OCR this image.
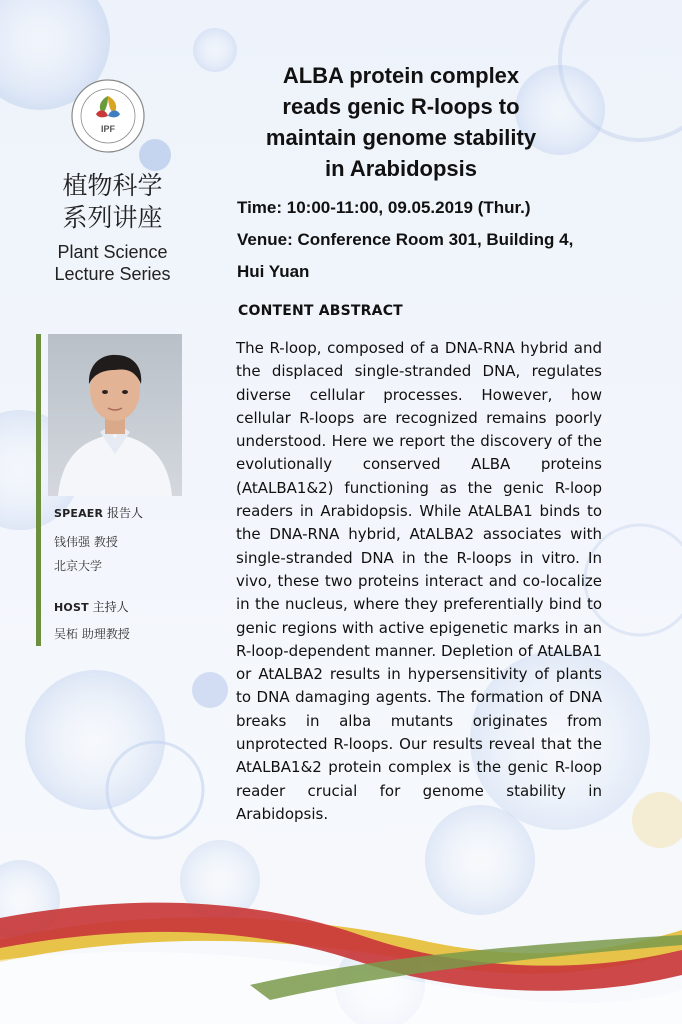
IPF
植物科学
系列讲座
Plant Science
Lecture Series
ALBA protein complex
reads genic R-loops to
maintain genome stability
in Arabidopsis
Time: 10:00-11:00, 09.05.2019 (Thur.)
Venue: Conference Room 301, Building 4,
Hui Yuan
CONTENT ABSTRACT
The R-loop, composed of a DNA-RNA hybrid and the displaced single-stranded DNA, regulates diverse cellular processes. However, how cellular R-loops are recognized remains poorly understood. Here we report the discovery of the evolutionally conserved ALBA proteins (AtALBA1&2) functioning as the genic R-loop readers in Arabidopsis. While AtALBA1 binds to the DNA-RNA hybrid, AtALBA2 associates with single-stranded DNA in the R-loops in vitro. In vivo, these two proteins interact and co-localize in the nucleus, where they preferentially bind to genic regions with active epigenetic marks in an R-loop-dependent manner. Depletion of AtALBA1 or AtALBA2 results in hypersensitivity of plants to DNA damaging agents. The formation of DNA breaks in alba mutants originates from unprotected R-loops. Our results reveal that the AtALBA1&2 protein complex is the genic R-loop reader crucial for genome stability in Arabidopsis.
SPEAER 报告人
钱伟强 教授
北京大学
HOST 主持人
吴柘 助理教授
